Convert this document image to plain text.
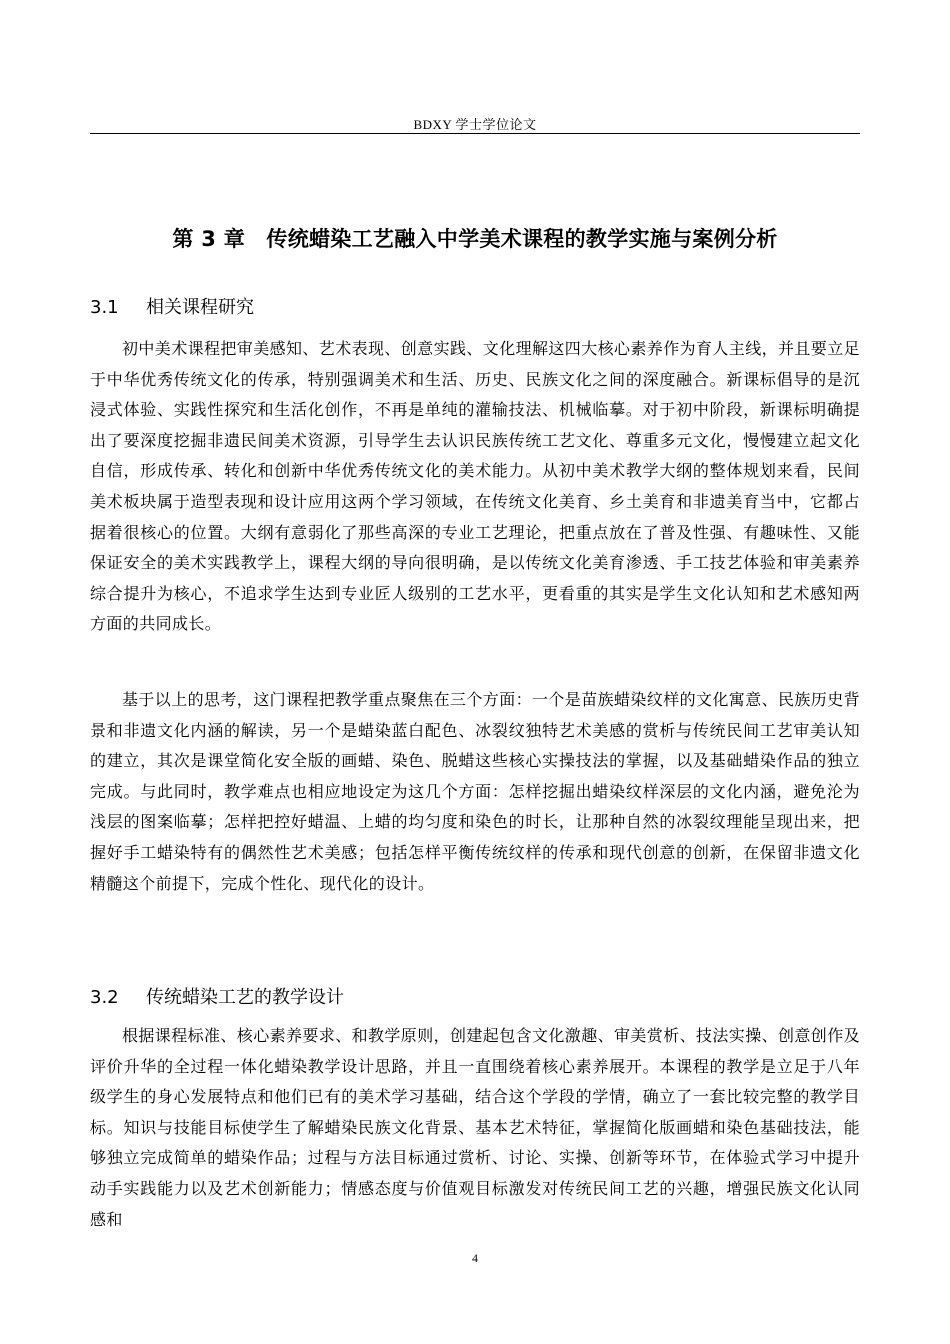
BDXY 学士学位论文
第 3 章　传统蜡染工艺融入中学美术课程的教学实施与案例分析
3.1 相关课程研究

初中美术课程把审美感知、艺术表现、创意实践、文化理解这四大核心素养作为育人主线，并且要立足于中华优秀传统文化的传承，特别强调美术和生活、历史、民族文化之间的深度融合。新课标倡导的是沉浸式体验、实践性探究和生活化创作，不再是单纯的灌输技法、机械临摹。对于初中阶段，新课标明确提出了要深度挖掘非遗民间美术资源，引导学生去认识民族传统工艺文化、尊重多元文化，慢慢建立起文化自信，形成传承、转化和创新中华优秀传统文化的美术能力。从初中美术教学大纲的整体规划来看，民间美术板块属于造型表现和设计应用这两个学习领域，在传统文化美育、乡土美育和非遗美育当中，它都占据着很核心的位置。大纲有意弱化了那些高深的专业工艺理论，把重点放在了普及性强、有趣味性、又能保证安全的美术实践教学上，课程大纲的导向很明确，是以传统文化美育渗透、手工技艺体验和审美素养综合提升为核心，不追求学生达到专业匠人级别的工艺水平，更看重的其实是学生文化认知和艺术感知两方面的共同成长。

基于以上的思考，这门课程把教学重点聚焦在三个方面：一个是苗族蜡染纹样的文化寓意、民族历史背景和非遗文化内涵的解读，另一个是蜡染蓝白配色、冰裂纹独特艺术美感的赏析与传统民间工艺审美认知的建立，其次是课堂简化安全版的画蜡、染色、脱蜡这些核心实操技法的掌握，以及基础蜡染作品的独立完成。与此同时，教学难点也相应地设定为这几个方面：怎样挖掘出蜡染纹样深层的文化内涵，避免沦为浅层的图案临摹；怎样把控好蜡温、上蜡的均匀度和染色的时长，让那种自然的冰裂纹理能呈现出来，把握好手工蜡染特有的偶然性艺术美感；包括怎样平衡传统纹样的传承和现代创意的创新，在保留非遗文化精髓这个前提下，完成个性化、现代化的设计。

3.2 传统蜡染工艺的教学设计

根据课程标准、核心素养要求、和教学原则，创建起包含文化激趣、审美赏析、技法实操、创意创作及评价升华的全过程一体化蜡染教学设计思路，并且一直围绕着核心素养展开。本课程的教学是立足于八年级学生的身心发展特点和他们已有的美术学习基础，结合这个学段的学情，确立了一套比较完整的教学目标。知识与技能目标使学生了解蜡染民族文化背景、基本艺术特征，掌握简化版画蜡和染色基础技法，能够独立完成简单的蜡染作品；过程与方法目标通过赏析、讨论、实操、创新等环节，在体验式学习中提升动手实践能力以及艺术创新能力；情感态度与价值观目标激发对传统民间工艺的兴趣，增强民族文化认同感和

4
